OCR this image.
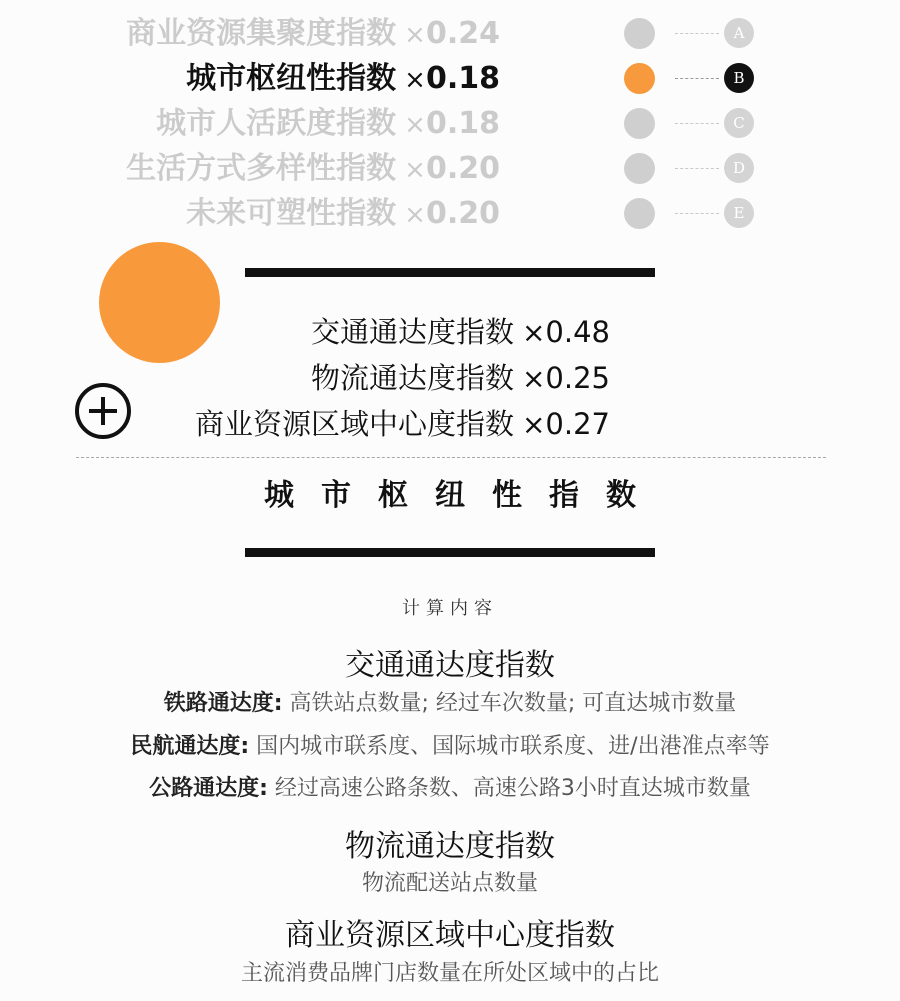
商业资源集聚度指数 ×0.24	A
城市枢纽性指数 ×0.18	B
城市人活跃度指数 ×0.18	C
生活方式多样性指数 ×0.20	D
未来可塑性指数 ×0.20	E
交通通达度指数 ×0.48
物流通达度指数 ×0.25
商业资源区域中心度指数 ×0.27
城市枢纽性指数
计算内容
交通通达度指数
铁路通达度: 高铁站点数量; 经过车次数量; 可直达城市数量
民航通达度: 国内城市联系度、国际城市联系度、进/出港准点率等
公路通达度: 经过高速公路条数、高速公路3小时直达城市数量
物流通达度指数
物流配送站点数量
商业资源区域中心度指数
主流消费品牌门店数量在所处区域中的占比
